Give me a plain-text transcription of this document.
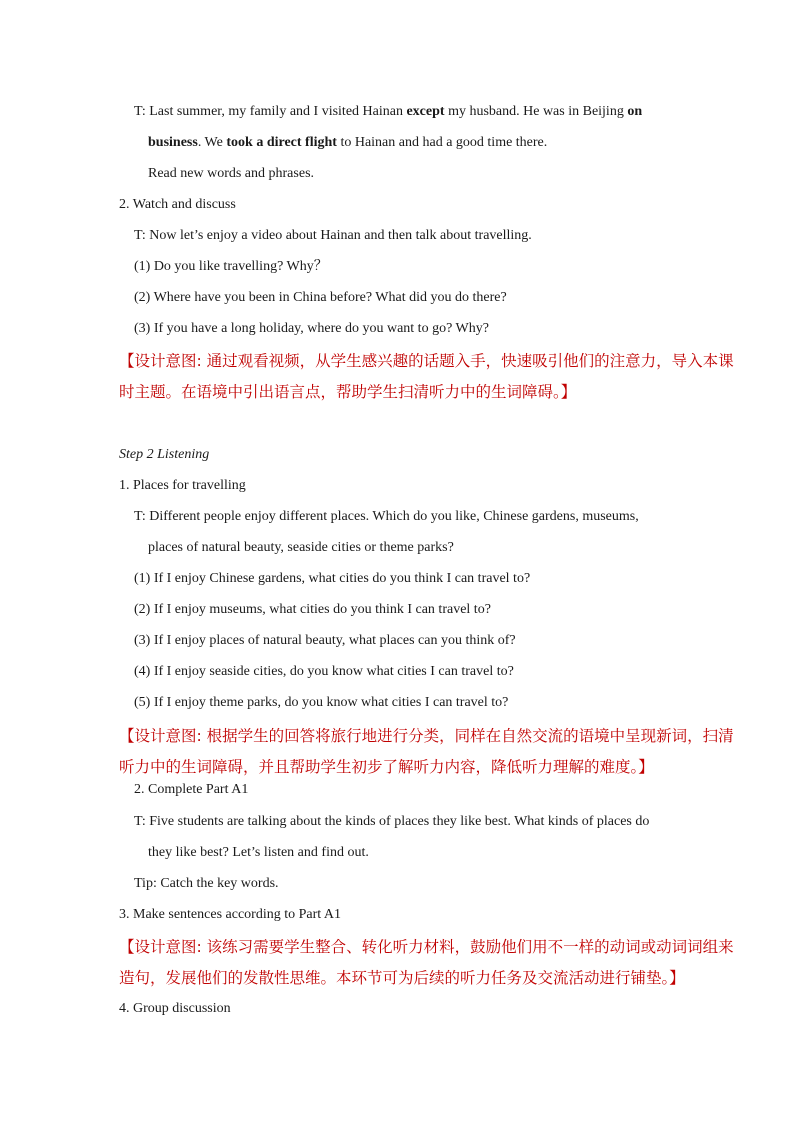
T: Last summer, my family and I visited Hainan except my husband. He was in Beijing on
business. We took a direct flight to Hainan and had a good time there.
Read new words and phrases.
2. Watch and discuss
T: Now let’s enjoy a video about Hainan and then talk about travelling.
(1) Do you like travelling? Why？
(2) Where have you been in China before? What did you do there?
(3) If you have a long holiday, where do you want to go? Why?
【设计意图: 通过观看视频，从学生感兴趣的话题入手，快速吸引他们的注意力，导入本课
时主题。在语境中引出语言点，帮助学生扫清听力中的生词障碍。】
Step 2 Listening
1. Places for travelling
T: Different people enjoy different places. Which do you like, Chinese gardens, museums,
places of natural beauty, seaside cities or theme parks?
(1) If I enjoy Chinese gardens, what cities do you think I can travel to?
(2) If I enjoy museums, what cities do you think I can travel to?
(3) If I enjoy places of natural beauty, what places can you think of?
(4) If I enjoy seaside cities, do you know what cities I can travel to?
(5) If I enjoy theme parks, do you know what cities I can travel to?
【设计意图: 根据学生的回答将旅行地进行分类，同样在自然交流的语境中呈现新词，扫清
听力中的生词障碍，并且帮助学生初步了解听力内容，降低听力理解的难度。】
2. Complete Part A1
T: Five students are talking about the kinds of places they like best. What kinds of places do
they like best? Let’s listen and find out.
Tip: Catch the key words.
3. Make sentences according to Part A1
【设计意图: 该练习需要学生整合、转化听力材料，鼓励他们用不一样的动词或动词词组来
造句，发展他们的发散性思维。本环节可为后续的听力任务及交流活动进行铺垫。】
4. Group discussion
